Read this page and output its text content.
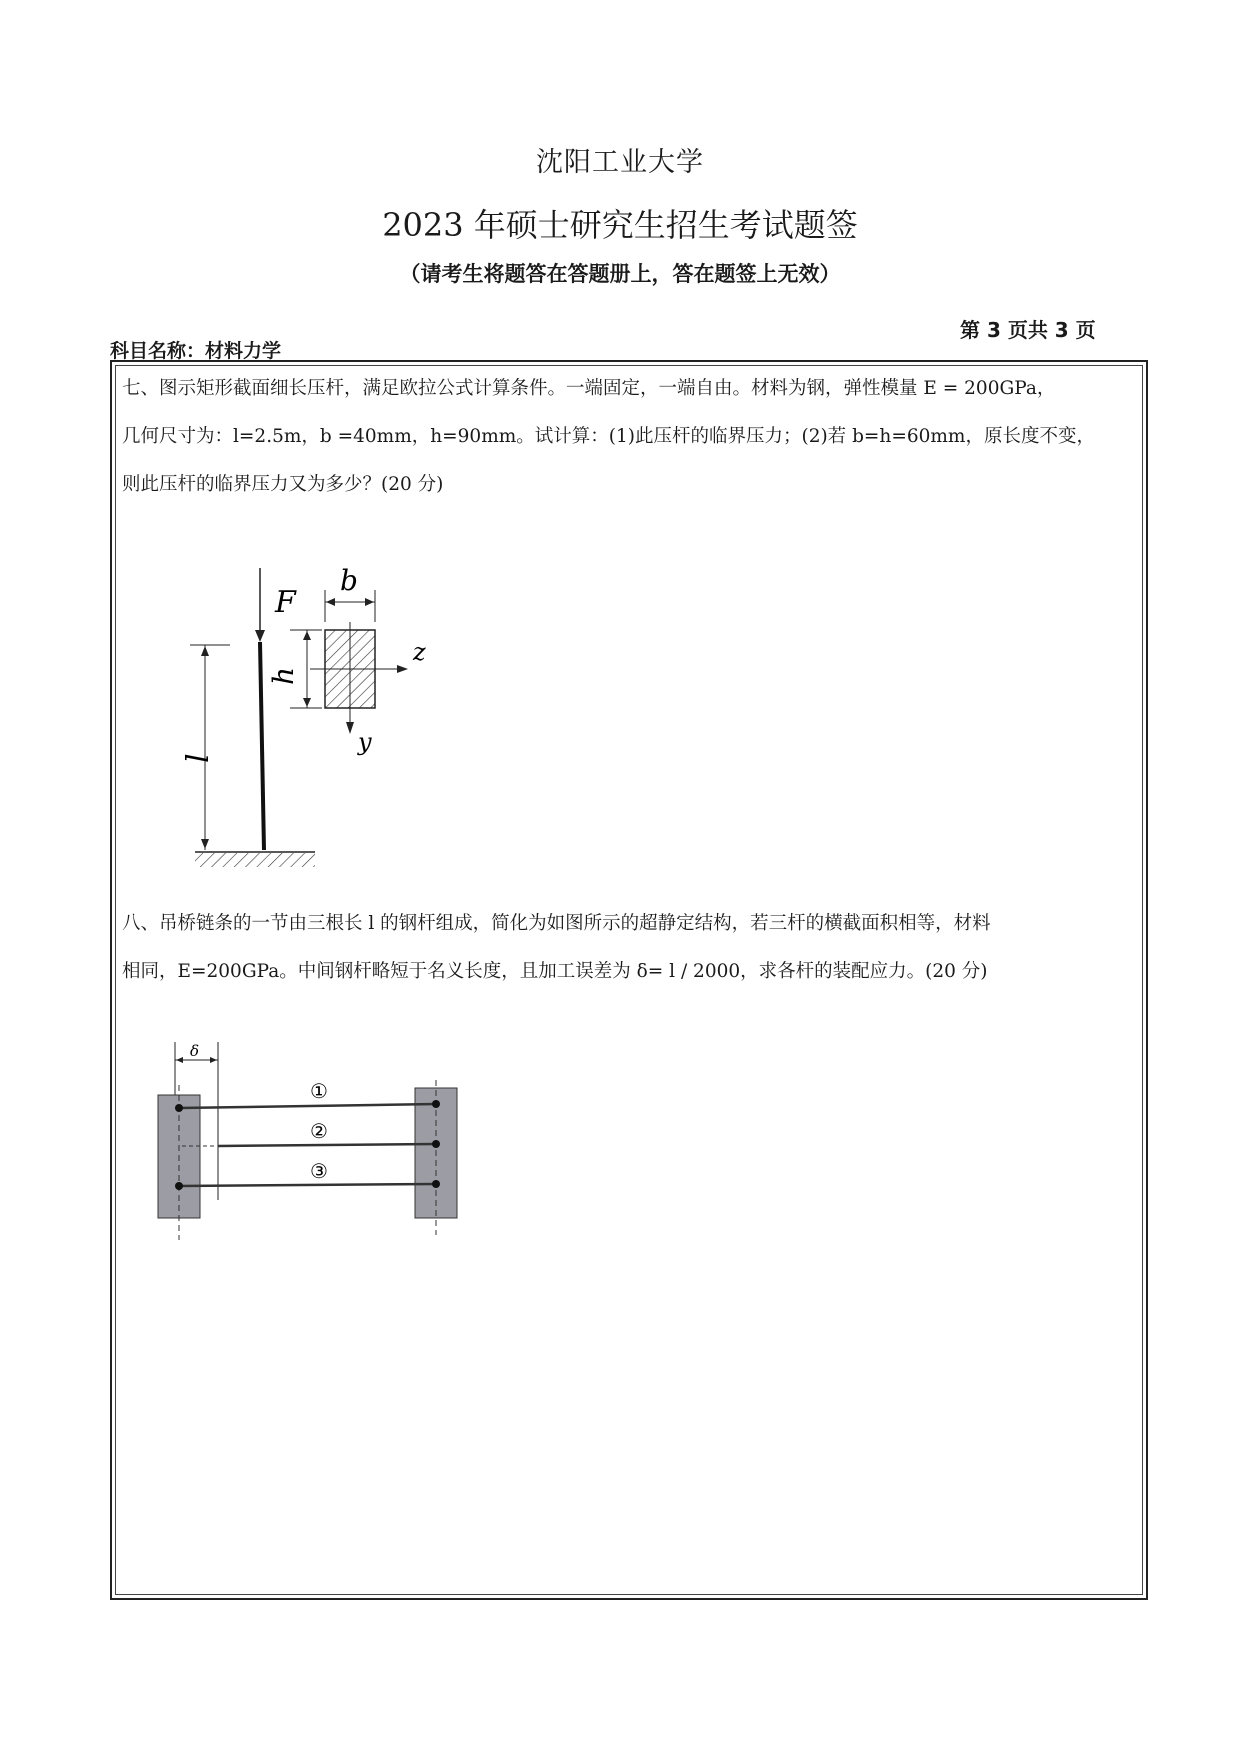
沈阳工业大学
2023 年硕士研究生招生考试题签
（请考生将题答在答题册上，答在题签上无效）
科目名称：材料力学
第 3 页共 3 页
七、图示矩形截面细长压杆，满足欧拉公式计算条件。一端固定，一端自由。材料为钢，弹性模量 E = 200GPa，
几何尺寸为：l=2.5m，b =40mm，h=90mm。试计算：(1)此压杆的临界压力；(2)若 b=h=60mm，原长度不变，
则此压杆的临界压力又为多少？(20 分)
F
l
b
h
z
y
八、吊桥链条的一节由三根长 l 的钢杆组成，简化为如图所示的超静定结构，若三杆的横截面积相等，材料
相同，E=200GPa。中间钢杆略短于名义长度，且加工误差为 δ= l / 2000，求各杆的装配应力。(20 分)
δ
①
②
③
